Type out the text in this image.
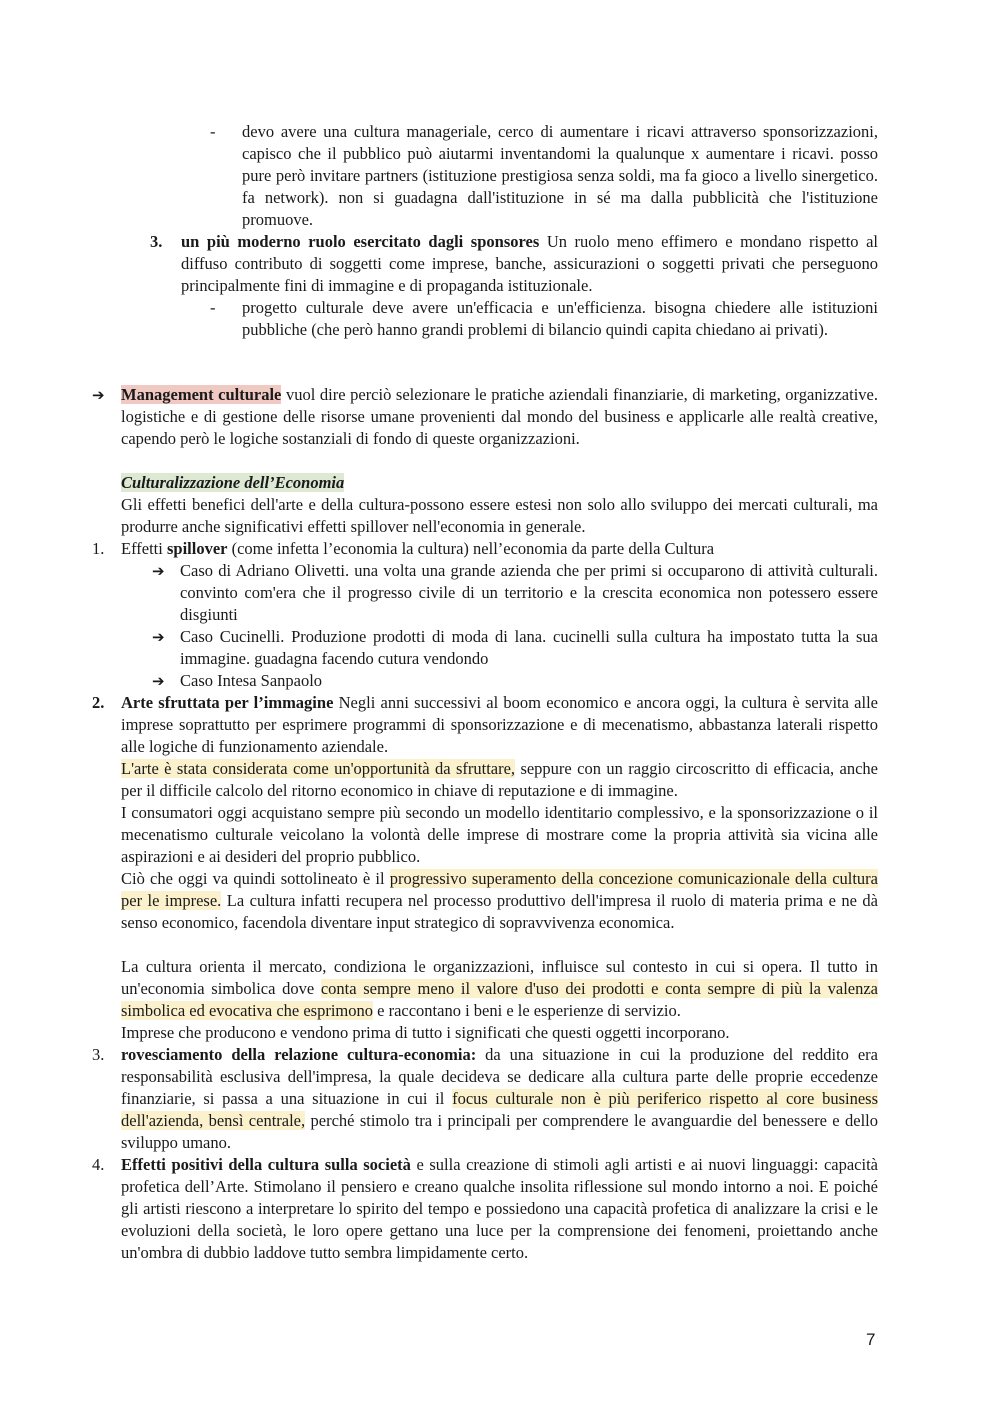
- devo avere una cultura manageriale, cerco di aumentare i ricavi attraverso sponsorizzazioni, capisco che il pubblico può aiutarmi inventandomi la qualunque x aumentare i ricavi. posso pure però invitare partners (istituzione prestigiosa senza soldi, ma fa gioco a livello sinergetico. fa network). non si guadagna dall'istituzione in sé ma dalla pubblicità che l'istituzione promuove.
3. un più moderno ruolo esercitato dagli sponsores Un ruolo meno effimero e mondano rispetto al diffuso contributo di soggetti come imprese, banche, assicurazioni o soggetti privati che perseguono principalmente fini di immagine e di propaganda istituzionale.
- progetto culturale deve avere un'efficacia e un'efficienza. bisogna chiedere alle istituzioni pubbliche (che però hanno grandi problemi di bilancio quindi capita chiedano ai privati).
➔ Management culturale vuol dire perciò selezionare le pratiche aziendali finanziarie, di marketing, organizzative. logistiche e di gestione delle risorse umane provenienti dal mondo del business e applicarle alle realtà creative, capendo però le logiche sostanziali di fondo di queste organizzazioni.
Culturalizzazione dell’Economia
Gli effetti benefici dell'arte e della cultura-possono essere estesi non solo allo sviluppo dei mercati culturali, ma produrre anche significativi effetti spillover nell'economia in generale.
1. Effetti spillover (come infetta l’economia la cultura) nell’economia da parte della Cultura
➔ Caso di Adriano Olivetti. una volta una grande azienda che per primi si occuparono di attività culturali. convinto com'era che il progresso civile di un territorio e la crescita economica non potessero essere disgiunti
➔ Caso Cucinelli. Produzione prodotti di moda di lana. cucinelli sulla cultura ha impostato tutta la sua immagine. guadagna facendo cutura vendondo
➔ Caso Intesa Sanpaolo
2. Arte sfruttata per l’immagine Negli anni successivi al boom economico e ancora oggi, la cultura è servita alle imprese soprattutto per esprimere programmi di sponsorizzazione e di mecenatismo, abbastanza laterali rispetto alle logiche di funzionamento aziendale.
L'arte è stata considerata come un'opportunità da sfruttare, seppure con un raggio circoscritto di efficacia, anche per il difficile calcolo del ritorno economico in chiave di reputazione e di immagine.
I consumatori oggi acquistano sempre più secondo un modello identitario complessivo, e la sponsorizzazione o il mecenatismo culturale veicolano la volontà delle imprese di mostrare come la propria attività sia vicina alle aspirazioni e ai desideri del proprio pubblico.
Ciò che oggi va quindi sottolineato è il progressivo superamento della concezione comunicazionale della cultura per le imprese. La cultura infatti recupera nel processo produttivo dell'impresa il ruolo di materia prima e ne dà senso economico, facendola diventare input strategico di sopravvivenza economica.
La cultura orienta il mercato, condiziona le organizzazioni, influisce sul contesto in cui si opera. Il tutto in un'economia simbolica dove conta sempre meno il valore d'uso dei prodotti e conta sempre di più la valenza simbolica ed evocativa che esprimono e raccontano i beni e le esperienze di servizio.
Imprese che producono e vendono prima di tutto i significati che questi oggetti incorporano.
3. rovesciamento della relazione cultura-economia: da una situazione in cui la produzione del reddito era responsabilità esclusiva dell'impresa, la quale decideva se dedicare alla cultura parte delle proprie eccedenze finanziarie, si passa a una situazione in cui il focus culturale non è più periferico rispetto al core business dell'azienda, bensì centrale, perché stimolo tra i principali per comprendere le avanguardie del benessere e dello sviluppo umano.
4. Effetti positivi della cultura sulla società e sulla creazione di stimoli agli artisti e ai nuovi linguaggi: capacità profetica dell’Arte. Stimolano il pensiero e creano qualche insolita riflessione sul mondo intorno a noi. E poiché gli artisti riescono a interpretare lo spirito del tempo e possiedono una capacità profetica di analizzare la crisi e le evoluzioni della società, le loro opere gettano una luce per la comprensione dei fenomeni, proiettando anche un'ombra di dubbio laddove tutto sembra limpidamente certo.
7
